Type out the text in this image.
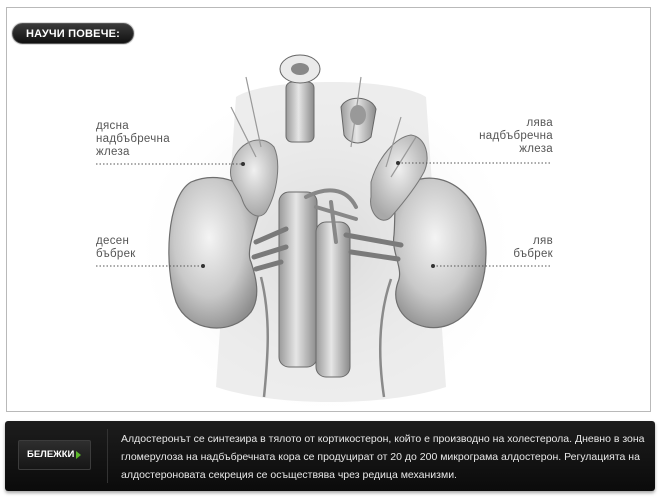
НАУЧИ ПОВЕЧЕ:
дясна
надбъбречна
жлеза
лява
надбъбречна
жлеза
десен
бъбрек
ляв
бъбрек
БЕЛЕЖКИ
Алдостеронът се синтезира в тялото от кортикостерон, който е производно на холестерола. Дневно в зона гломерулоза на надбъбречната кора се продуцират от 20 до 200 микрограма алдостерон. Регулацията на алдостероновата секреция се осъществява чрез редица механизми.
